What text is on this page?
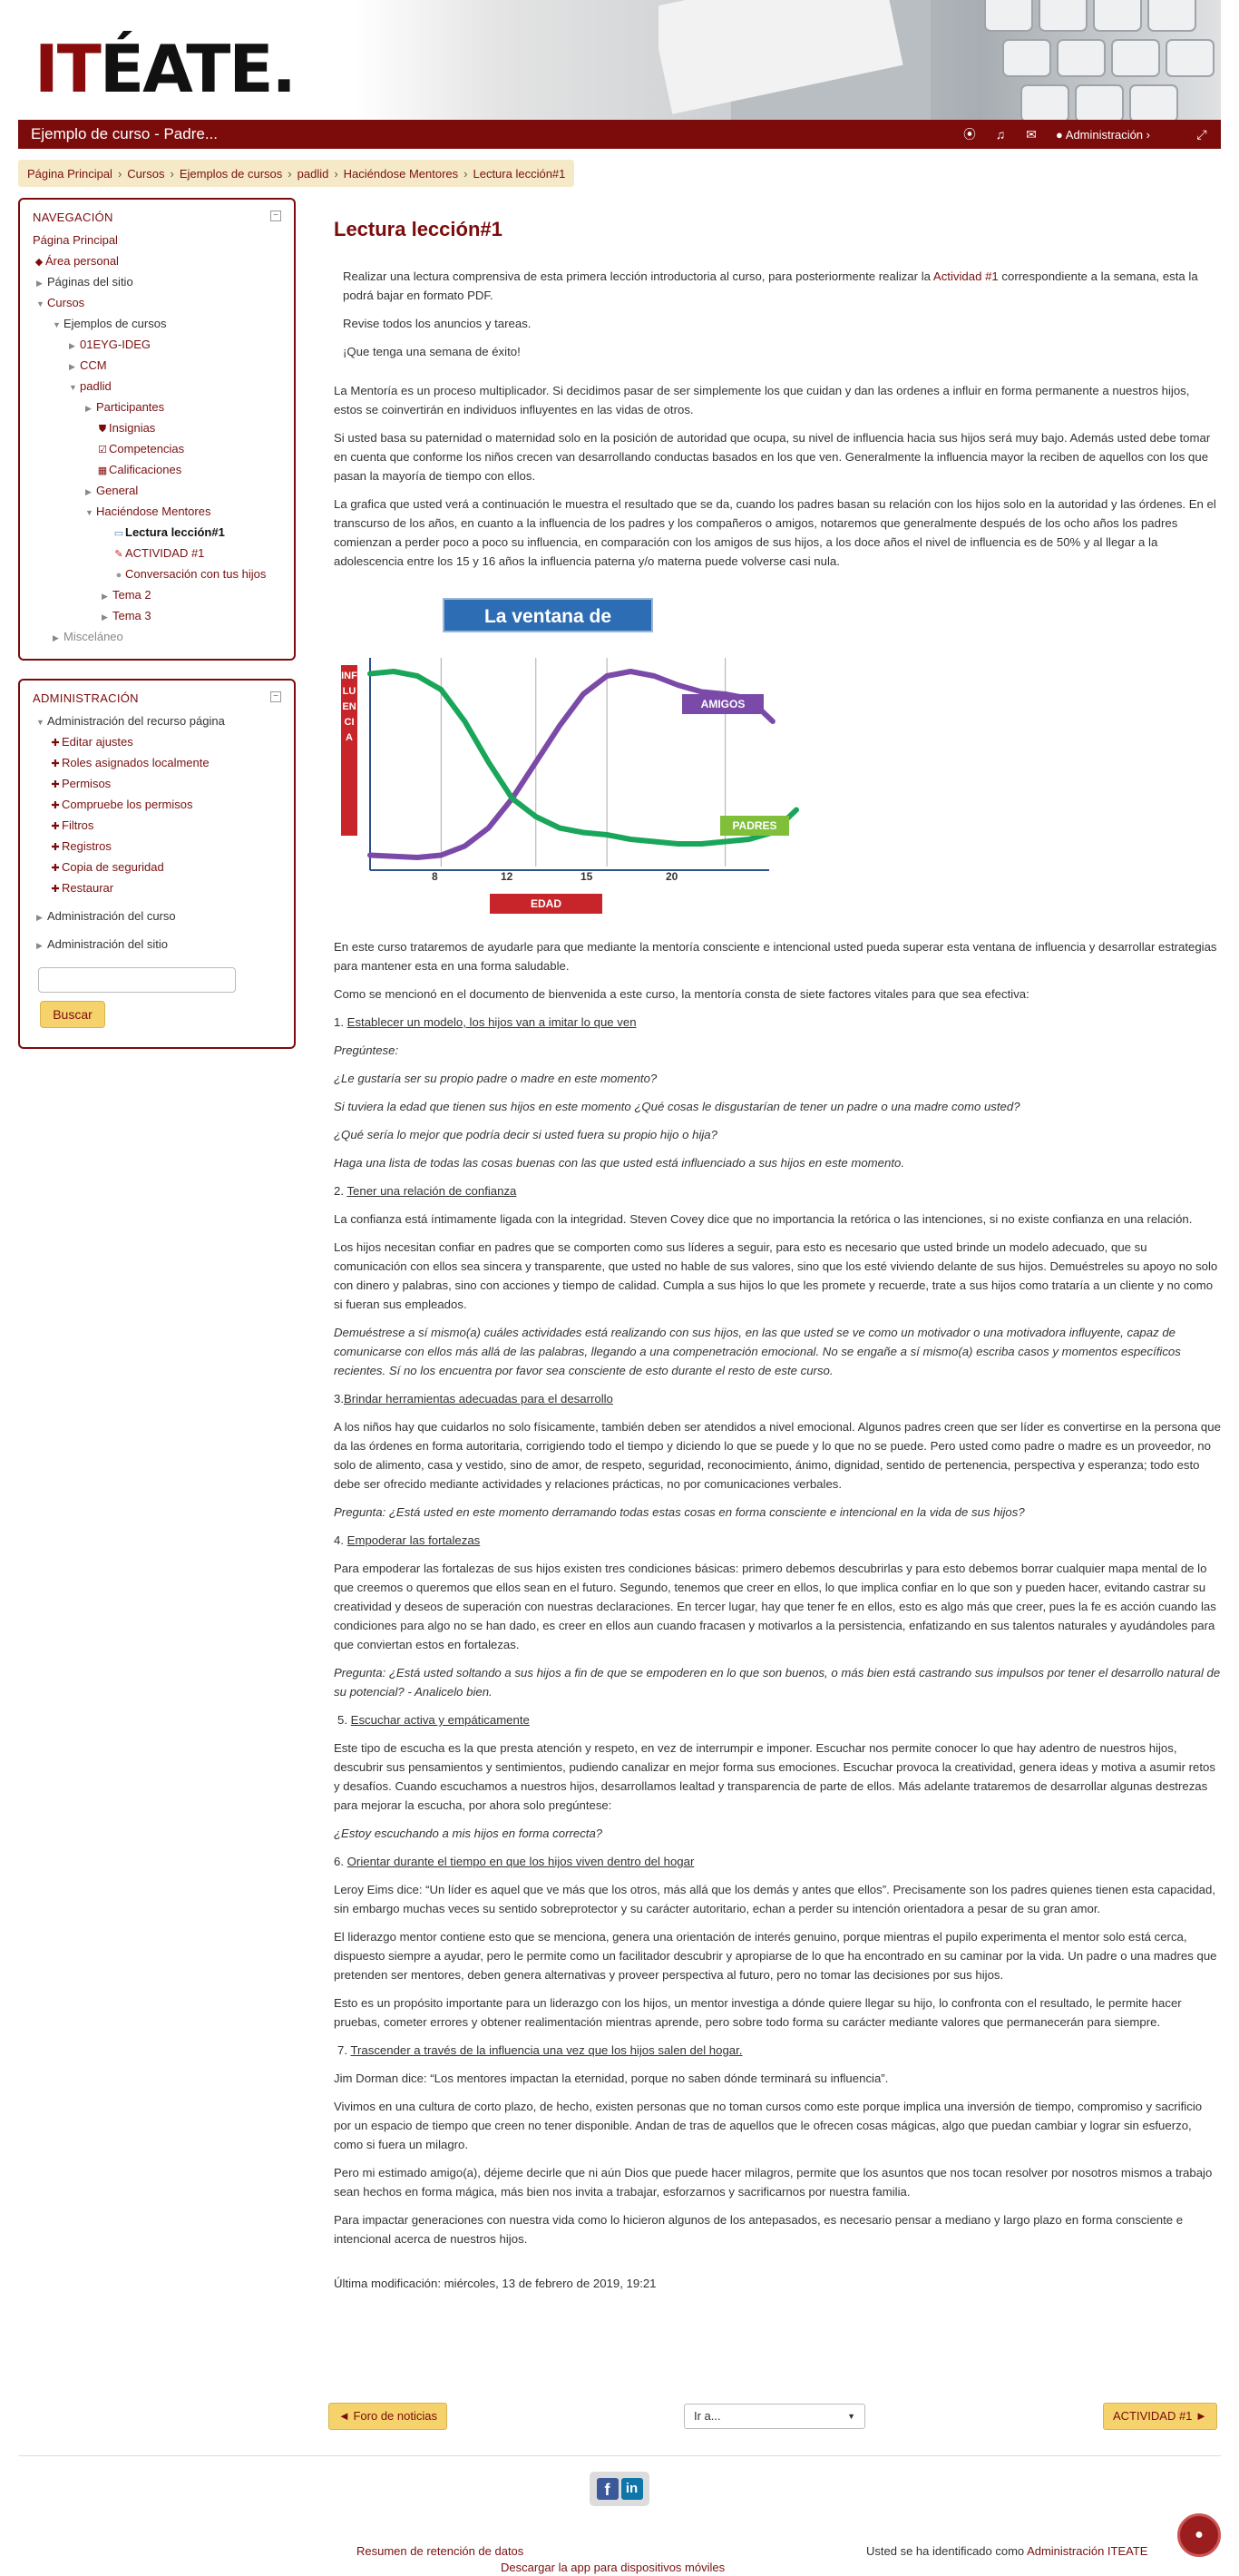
ITÉATE.
Ejemplo de curso - Padre...	⦿ ♫ ✉ ● Administración ›	⤢
Página Principal › Cursos › Ejemplos de cursos › padlid › Haciéndose Mentores › Lectura lección#1
NAVEGACIÓN	−
Página Principal
◆ Área personal
▶ Páginas del sitio
▼ Cursos
▼ Ejemplos de cursos
▶ 01EYG-IDEG
▶ CCM
▼ padlid
▶ Participantes
⛊ Insignias
☑ Competencias
▦ Calificaciones
▶ General
▼ Haciéndose Mentores
▭ Lectura lección#1
✎ ACTIVIDAD #1
● Conversación con tus hijos
▶ Tema 2
▶ Tema 3
▶ Misceláneo
ADMINISTRACIÓN	−
▼ Administración del recurso página
✚ Editar ajustes
✚ Roles asignados localmente
✚ Permisos
✚ Compruebe los permisos
✚ Filtros
✚ Registros
✚ Copia de seguridad
✚ Restaurar
▶ Administración del curso
▶ Administración del sitio
Buscar
Lectura lección#1
Realizar una lectura comprensiva de esta primera lección introductoria al curso, para posteriormente realizar la Actividad #1 correspondiente a la semana, esta la podrá bajar en formato PDF.
Revise todos los anuncios y tareas.
¡Que tenga una semana de éxito!
La Mentoría es un proceso multiplicador. Si decidimos pasar de ser simplemente los que cuidan y dan las ordenes a influir en forma permanente a nuestros hijos, estos se coinvertirán en individuos influyentes en las vidas de otros.
Si usted basa su paternidad o maternidad solo en la posición de autoridad que ocupa, su nivel de influencia hacia sus hijos será muy bajo. Además usted debe tomar en cuenta que conforme los niños crecen van desarrollando conductas basados en los que ven. Generalmente la influencia mayor la reciben de aquellos con los que pasan la mayoría de tiempo con ellos.
La grafica que usted verá a continuación le muestra el resultado que se da, cuando los padres basan su relación con los hijos solo en la autoridad y las órdenes. En el transcurso de los años, en cuanto a la influencia de los padres y los compañeros o amigos, notaremos que generalmente después de los ocho años los padres comienzan a perder poco a poco su influencia, en comparación con los amigos de sus hijos, a los doce años el nivel de influencia es de 50% y al llegar a la adolescencia entre los 15 y 16 años la influencia paterna y/o materna puede volverse casi nula.
La ventana de Influencia
INFLUENCIA
EDAD
AMIGOS
PADRES
8	12	15	20
En este curso trataremos de ayudarle para que mediante la mentoría consciente e intencional usted pueda superar esta ventana de influencia y desarrollar estrategias para mantener esta en una forma saludable.
Como se mencionó en el documento de bienvenida a este curso, la mentoría consta de siete factores vitales para que sea efectiva:
1. Establecer un modelo, los hijos van a imitar lo que ven
Pregúntese:
¿Le gustaría ser su propio padre o madre en este momento?
Si tuviera la edad que tienen sus hijos en este momento ¿Qué cosas le disgustarían de tener un padre o una madre como usted?
¿Qué sería lo mejor que podría decir si usted fuera su propio hijo o hija?
Haga una lista de todas las cosas buenas con las que usted está influenciado a sus hijos en este momento.
2. Tener una relación de confianza
La confianza está íntimamente ligada con la integridad. Steven Covey dice que no importancia la retórica o las intenciones, si no existe confianza en una relación.
Los hijos necesitan confiar en padres que se comporten como sus líderes a seguir, para esto es necesario que usted brinde un modelo adecuado, que su comunicación con ellos sea sincera y transparente, que usted no hable de sus valores, sino que los esté viviendo delante de sus hijos. Demuéstreles su apoyo no solo con dinero y palabras, sino con acciones y tiempo de calidad. Cumpla a sus hijos lo que les promete y recuerde, trate a sus hijos como trataría a un cliente y no como si fueran sus empleados.
Demuéstrese a sí mismo(a) cuáles actividades está realizando con sus hijos, en las que usted se ve como un motivador o una motivadora influyente, capaz de comunicarse con ellos más allá de las palabras, llegando a una compenetración emocional. No se engañe a sí mismo(a) escriba casos y momentos específicos recientes. Sí no los encuentra por favor sea consciente de esto durante el resto de este curso.
3.Brindar herramientas adecuadas para el desarrollo
A los niños hay que cuidarlos no solo físicamente, también deben ser atendidos a nivel emocional. Algunos padres creen que ser líder es convertirse en la persona que da las órdenes en forma autoritaria, corrigiendo todo el tiempo y diciendo lo que se puede y lo que no se puede. Pero usted como padre o madre es un proveedor, no solo de alimento, casa y vestido, sino de amor, de respeto, seguridad, reconocimiento, ánimo, dignidad, sentido de pertenencia, perspectiva y esperanza; todo esto debe ser ofrecido mediante actividades y relaciones prácticas, no por comunicaciones verbales.
Pregunta: ¿Está usted en este momento derramando todas estas cosas en forma consciente e intencional en la vida de sus hijos?
4. Empoderar las fortalezas
Para empoderar las fortalezas de sus hijos existen tres condiciones básicas: primero debemos descubrirlas y para esto debemos borrar cualquier mapa mental de lo que creemos o queremos que ellos sean en el futuro. Segundo, tenemos que creer en ellos, lo que implica confiar en lo que son y pueden hacer, evitando castrar su creatividad y deseos de superación con nuestras declaraciones. En tercer lugar, hay que tener fe en ellos, esto es algo más que creer, pues la fe es acción cuando las condiciones para algo no se han dado, es creer en ellos aun cuando fracasen y motivarlos a la persistencia, enfatizando en sus talentos naturales y ayudándoles para que conviertan estos en fortalezas.
Pregunta: ¿Está usted soltando a sus hijos a fin de que se empoderen en lo que son buenos, o más bien está castrando sus impulsos por tener el desarrollo natural de su potencial? - Analicelo bien.
5. Escuchar activa y empáticamente
Este tipo de escucha es la que presta atención y respeto, en vez de interrumpir e imponer. Escuchar nos permite conocer lo que hay adentro de nuestros hijos, descubrir sus pensamientos y sentimientos, pudiendo canalizar en mejor forma sus emociones. Escuchar provoca la creatividad, genera ideas y motiva a asumir retos y desafíos. Cuando escuchamos a nuestros hijos, desarrollamos lealtad y transparencia de parte de ellos. Más adelante trataremos de desarrollar algunas destrezas para mejorar la escucha, por ahora solo pregúntese:
¿Estoy escuchando a mis hijos en forma correcta?
6. Orientar durante el tiempo en que los hijos viven dentro del hogar
Leroy Eims dice: “Un líder es aquel que ve más que los otros, más allá que los demás y antes que ellos”. Precisamente son los padres quienes tienen esta capacidad, sin embargo muchas veces su sentido sobreprotector y su carácter autoritario, echan a perder su intención orientadora a pesar de su gran amor.
El liderazgo mentor contiene esto que se menciona, genera una orientación de interés genuino, porque mientras el pupilo experimenta el mentor solo está cerca, dispuesto siempre a ayudar, pero le permite como un facilitador descubrir y apropiarse de lo que ha encontrado en su caminar por la vida. Un padre o una madres que pretenden ser mentores, deben genera alternativas y proveer perspectiva al futuro, pero no tomar las decisiones por sus hijos.
Esto es un propósito importante para un liderazgo con los hijos, un mentor investiga a dónde quiere llegar su hijo, lo confronta con el resultado, le permite hacer pruebas, cometer errores y obtener realimentación mientras aprende, pero sobre todo forma su carácter mediante valores que permanecerán para siempre.
7. Trascender a través de la influencia una vez que los hijos salen del hogar.
Jim Dorman dice: “Los mentores impactan la eternidad, porque no saben dónde terminará su influencia”.
Vivimos en una cultura de corto plazo, de hecho, existen personas que no toman cursos como este porque implica una inversión de tiempo, compromiso y sacrificio por un espacio de tiempo que creen no tener disponible. Andan de tras de aquellos que le ofrecen cosas mágicas, algo que puedan cambiar y lograr sin esfuerzo, como si fuera un milagro.
Pero mi estimado amigo(a), déjeme decirle que ni aún Dios que puede hacer milagros, permite que los asuntos que nos tocan resolver por nosotros mismos a trabajo sean hechos en forma mágica, más bien nos invita a trabajar, esforzarnos y sacrificarnos por nuestra familia.
Para impactar generaciones con nuestra vida como lo hicieron algunos de los antepasados, es necesario pensar a mediano y largo plazo en forma consciente e intencional acerca de nuestros hijos.
Última modificación: miércoles, 13 de febrero de 2019, 19:21
◄ Foro de noticias	Ir a...	▼	ACTIVIDAD #1 ►
f	in
Resumen de retención de datos
Descargar la app para dispositivos móviles
Usted se ha identificado como Administración ITEATE
●
